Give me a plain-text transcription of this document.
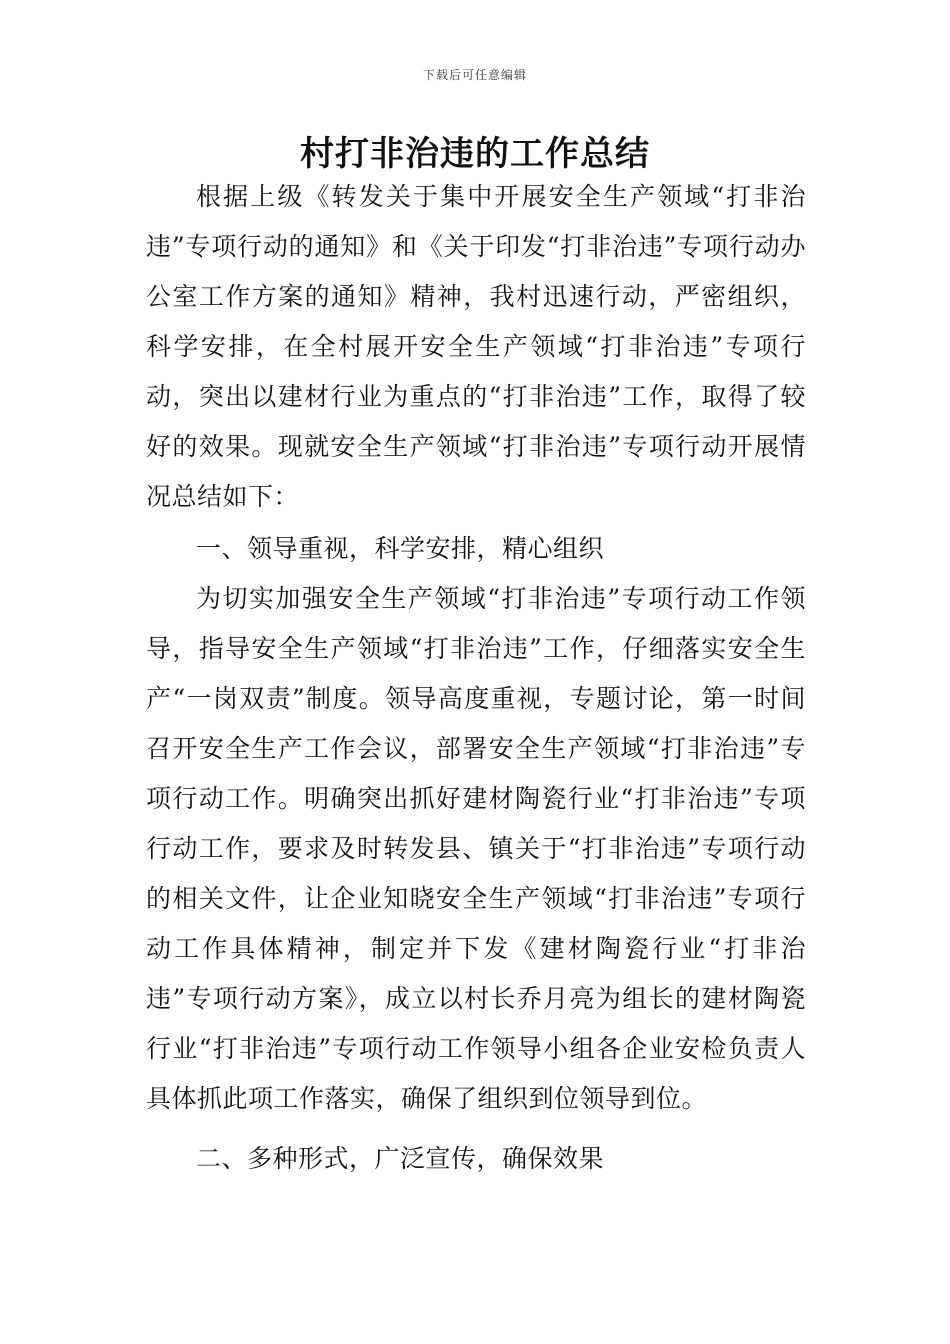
下载后可任意编辑
村打非治违的工作总结

根据上级《转发关于集中开展安全生产领域“打非治违”专项行动的通知》和《关于印发“打非治违”专项行动办公室工作方案的通知》精神，我村迅速行动，严密组织，科学安排，在全村展开安全生产领域“打非治违”专项行动，突出以建材行业为重点的“打非治违”工作，取得了较好的效果。现就安全生产领域“打非治违”专项行动开展情况总结如下：

一、领导重视，科学安排，精心组织

为切实加强安全生产领域“打非治违”专项行动工作领导，指导安全生产领域“打非治违”工作，仔细落实安全生产“一岗双责”制度。领导高度重视，专题讨论，第一时间召开安全生产工作会议，部署安全生产领域“打非治违”专项行动工作。明确突出抓好建材陶瓷行业“打非治违”专项行动工作，要求及时转发县、镇关于“打非治违”专项行动的相关文件，让企业知晓安全生产领域“打非治违”专项行动工作具体精神，制定并下发《建材陶瓷行业“打非治违”专项行动方案》，成立以村长乔月亮为组长的建材陶瓷行业“打非治违”专项行动工作领导小组各企业安检负责人具体抓此项工作落实，确保了组织到位领导到位。

二、多种形式，广泛宣传，确保效果
